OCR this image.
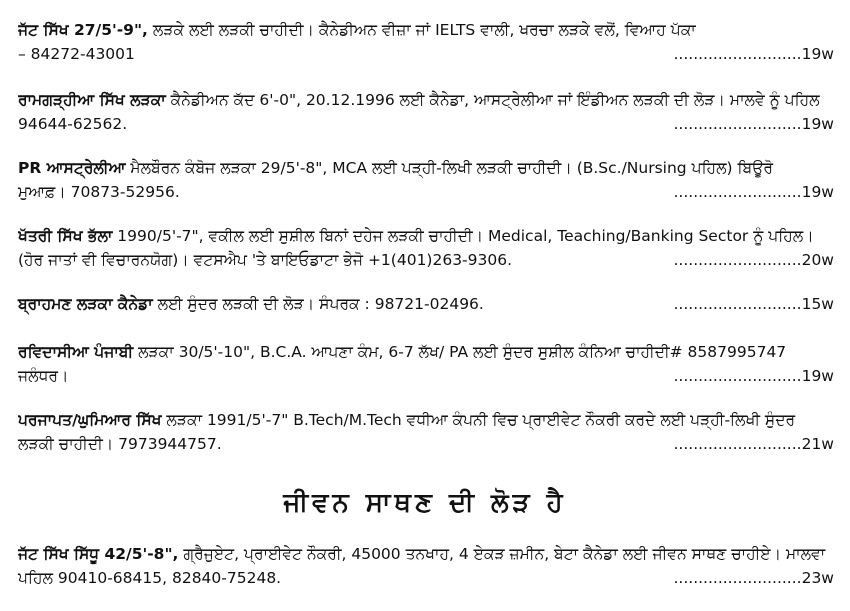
ਜੱਟ ਸਿੱਖ 27/5'-9", ਲੜਕੇ ਲਈ ਲੜਕੀ ਚਾਹੀਦੀ। ਕੈਨੇਡੀਅਨ ਵੀਜ਼ਾ ਜਾਂ IELTS ਵਾਲੀ, ਖਰਚਾ ਲੜਕੇ ਵਲੋਂ, ਵਿਆਹ ਪੱਕਾ
– 84272-43001	..........................19w
ਰਾਮਗੜ੍ਹੀਆ ਸਿੱਖ ਲੜਕਾ ਕੈਨੇਡੀਅਨ ਕੱਦ 6'-0", 20.12.1996 ਲਈ ਕੈਨੇਡਾ, ਆਸਟ੍ਰੇਲੀਆ ਜਾਂ ਇੰਡੀਅਨ ਲੜਕੀ ਦੀ ਲੋੜ। ਮਾਲਵੇ ਨੂੰ ਪਹਿਲ
94644-62562.	..........................19w
PR ਆਸਟ੍ਰੇਲੀਆ ਮੈਲਬੌਰਨ ਕੰਬੋਜ ਲੜਕਾ 29/5'-8", MCA ਲਈ ਪੜ੍ਹੀ-ਲਿਖੀ ਲੜਕੀ ਚਾਹੀਦੀ। (B.Sc./Nursing ਪਹਿਲ) ਬਿਊਰੋ
ਮੁਆਫ਼। 70873-52956.	..........................19w
ਖੱਤਰੀ ਸਿੱਖ ਭੱਲਾ 1990/5'-7", ਵਕੀਲ ਲਈ ਸੁਸ਼ੀਲ ਬਿਨਾਂ ਦਹੇਜ ਲੜਕੀ ਚਾਹੀਦੀ। Medical, Teaching/Banking Sector ਨੂੰ ਪਹਿਲ।
(ਹੋਰ ਜਾਤਾਂ ਵੀ ਵਿਚਾਰਨਯੋਗ)। ਵਟਸਐਪ 'ਤੇ ਬਾਇਓਡਾਟਾ ਭੇਜੋ +1(401)263-9306.	..........................20w
ਬ੍ਰਾਹਮਣ ਲੜਕਾ ਕੈਨੇਡਾ ਲਈ ਸੁੰਦਰ ਲੜਕੀ ਦੀ ਲੋੜ। ਸੰਪਰਕ : 98721-02496.	..........................15w
ਰਵਿਦਾਸੀਆ ਪੰਜਾਬੀ ਲੜਕਾ 30/5'-10", B.C.A. ਆਪਣਾ ਕੰਮ, 6-7 ਲੱਖ/ PA ਲਈ ਸੁੰਦਰ ਸੁਸ਼ੀਲ ਕੰਨਿਆ ਚਾਹੀਦੀ# 8587995747
ਜਲੰਧਰ।	..........................19w
ਪਰਜਾਪਤ/ਘੁਮਿਆਰ ਸਿੱਖ ਲੜਕਾ 1991/5'-7" B.Tech/M.Tech ਵਧੀਆ ਕੰਪਨੀ ਵਿਚ ਪ੍ਰਾਈਵੇਟ ਨੌਕਰੀ ਕਰਦੇ ਲਈ ਪੜ੍ਹੀ-ਲਿਖੀ ਸੁੰਦਰ
ਲੜਕੀ ਚਾਹੀਦੀ। 7973944757.	..........................21w
ਜੀਵਨ ਸਾਥਣ ਦੀ ਲੋੜ ਹੈ
ਜੱਟ ਸਿੱਖ ਸਿੱਧੂ 42/5'-8", ਗ੍ਰੈਜੁਏਟ, ਪ੍ਰਾਈਵੇਟ ਨੌਕਰੀ, 45000 ਤਨਖਾਹ, 4 ਏਕੜ ਜ਼ਮੀਨ, ਬੇਟਾ ਕੈਨੇਡਾ ਲਈ ਜੀਵਨ ਸਾਥਣ ਚਾਹੀਏ। ਮਾਲਵਾ
ਪਹਿਲ 90410-68415, 82840-75248.	..........................23w
